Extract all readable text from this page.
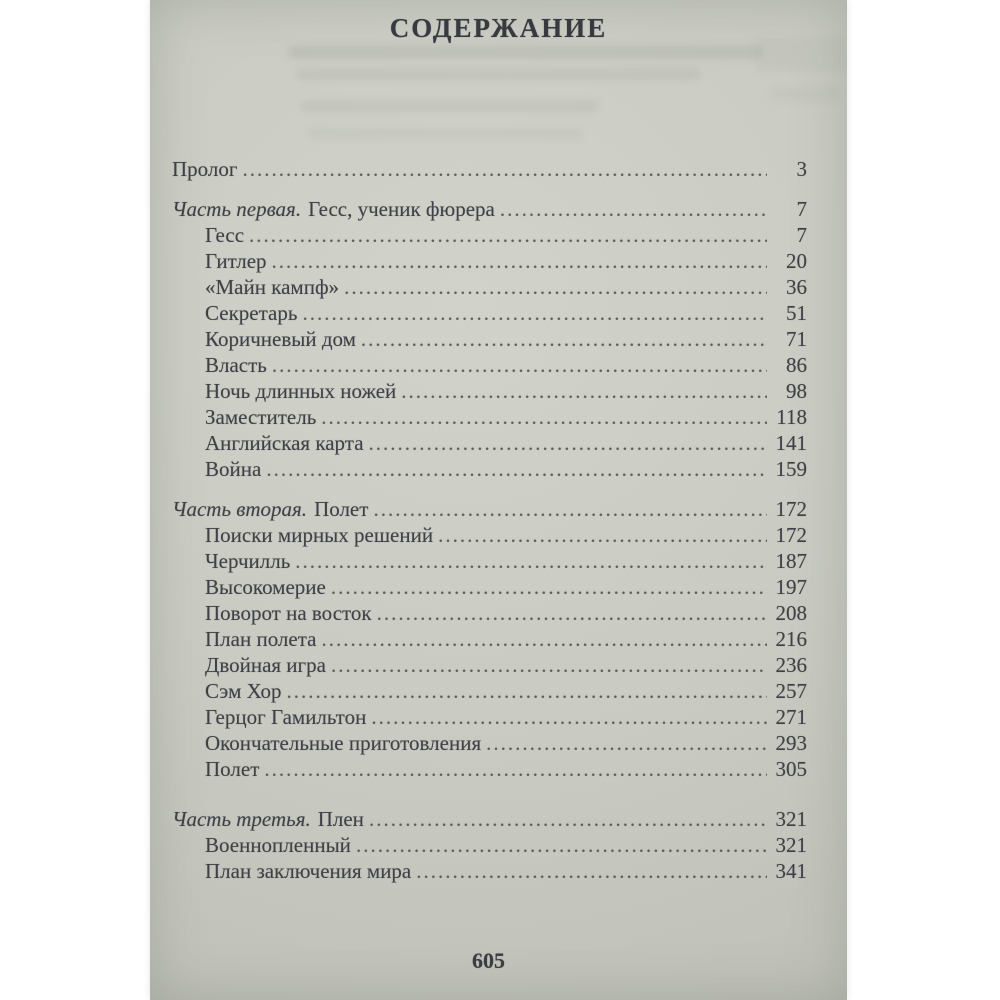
СОДЕРЖАНИЕ
Пролог .....	3
Часть первая. Гесс, ученик фюрера .....	7
Гесс .....	7
Гитлер .....	20
«Майн кампф» .....	36
Секретарь .....	51
Коричневый дом .....	71
Власть .....	86
Ночь длинных ножей .....	98
Заместитель .....	118
Английская карта .....	141
Война .....	159
Часть вторая. Полет .....	172
Поиски мирных решений .....	172
Черчилль .....	187
Высокомерие .....	197
Поворот на восток .....	208
План полета .....	216
Двойная игра .....	236
Сэм Хор .....	257
Герцог Гамильтон .....	271
Окончательные приготовления .....	293
Полет .....	305
Часть третья. Плен .....	321
Военнопленный .....	321
План заключения мира .....	341
605
